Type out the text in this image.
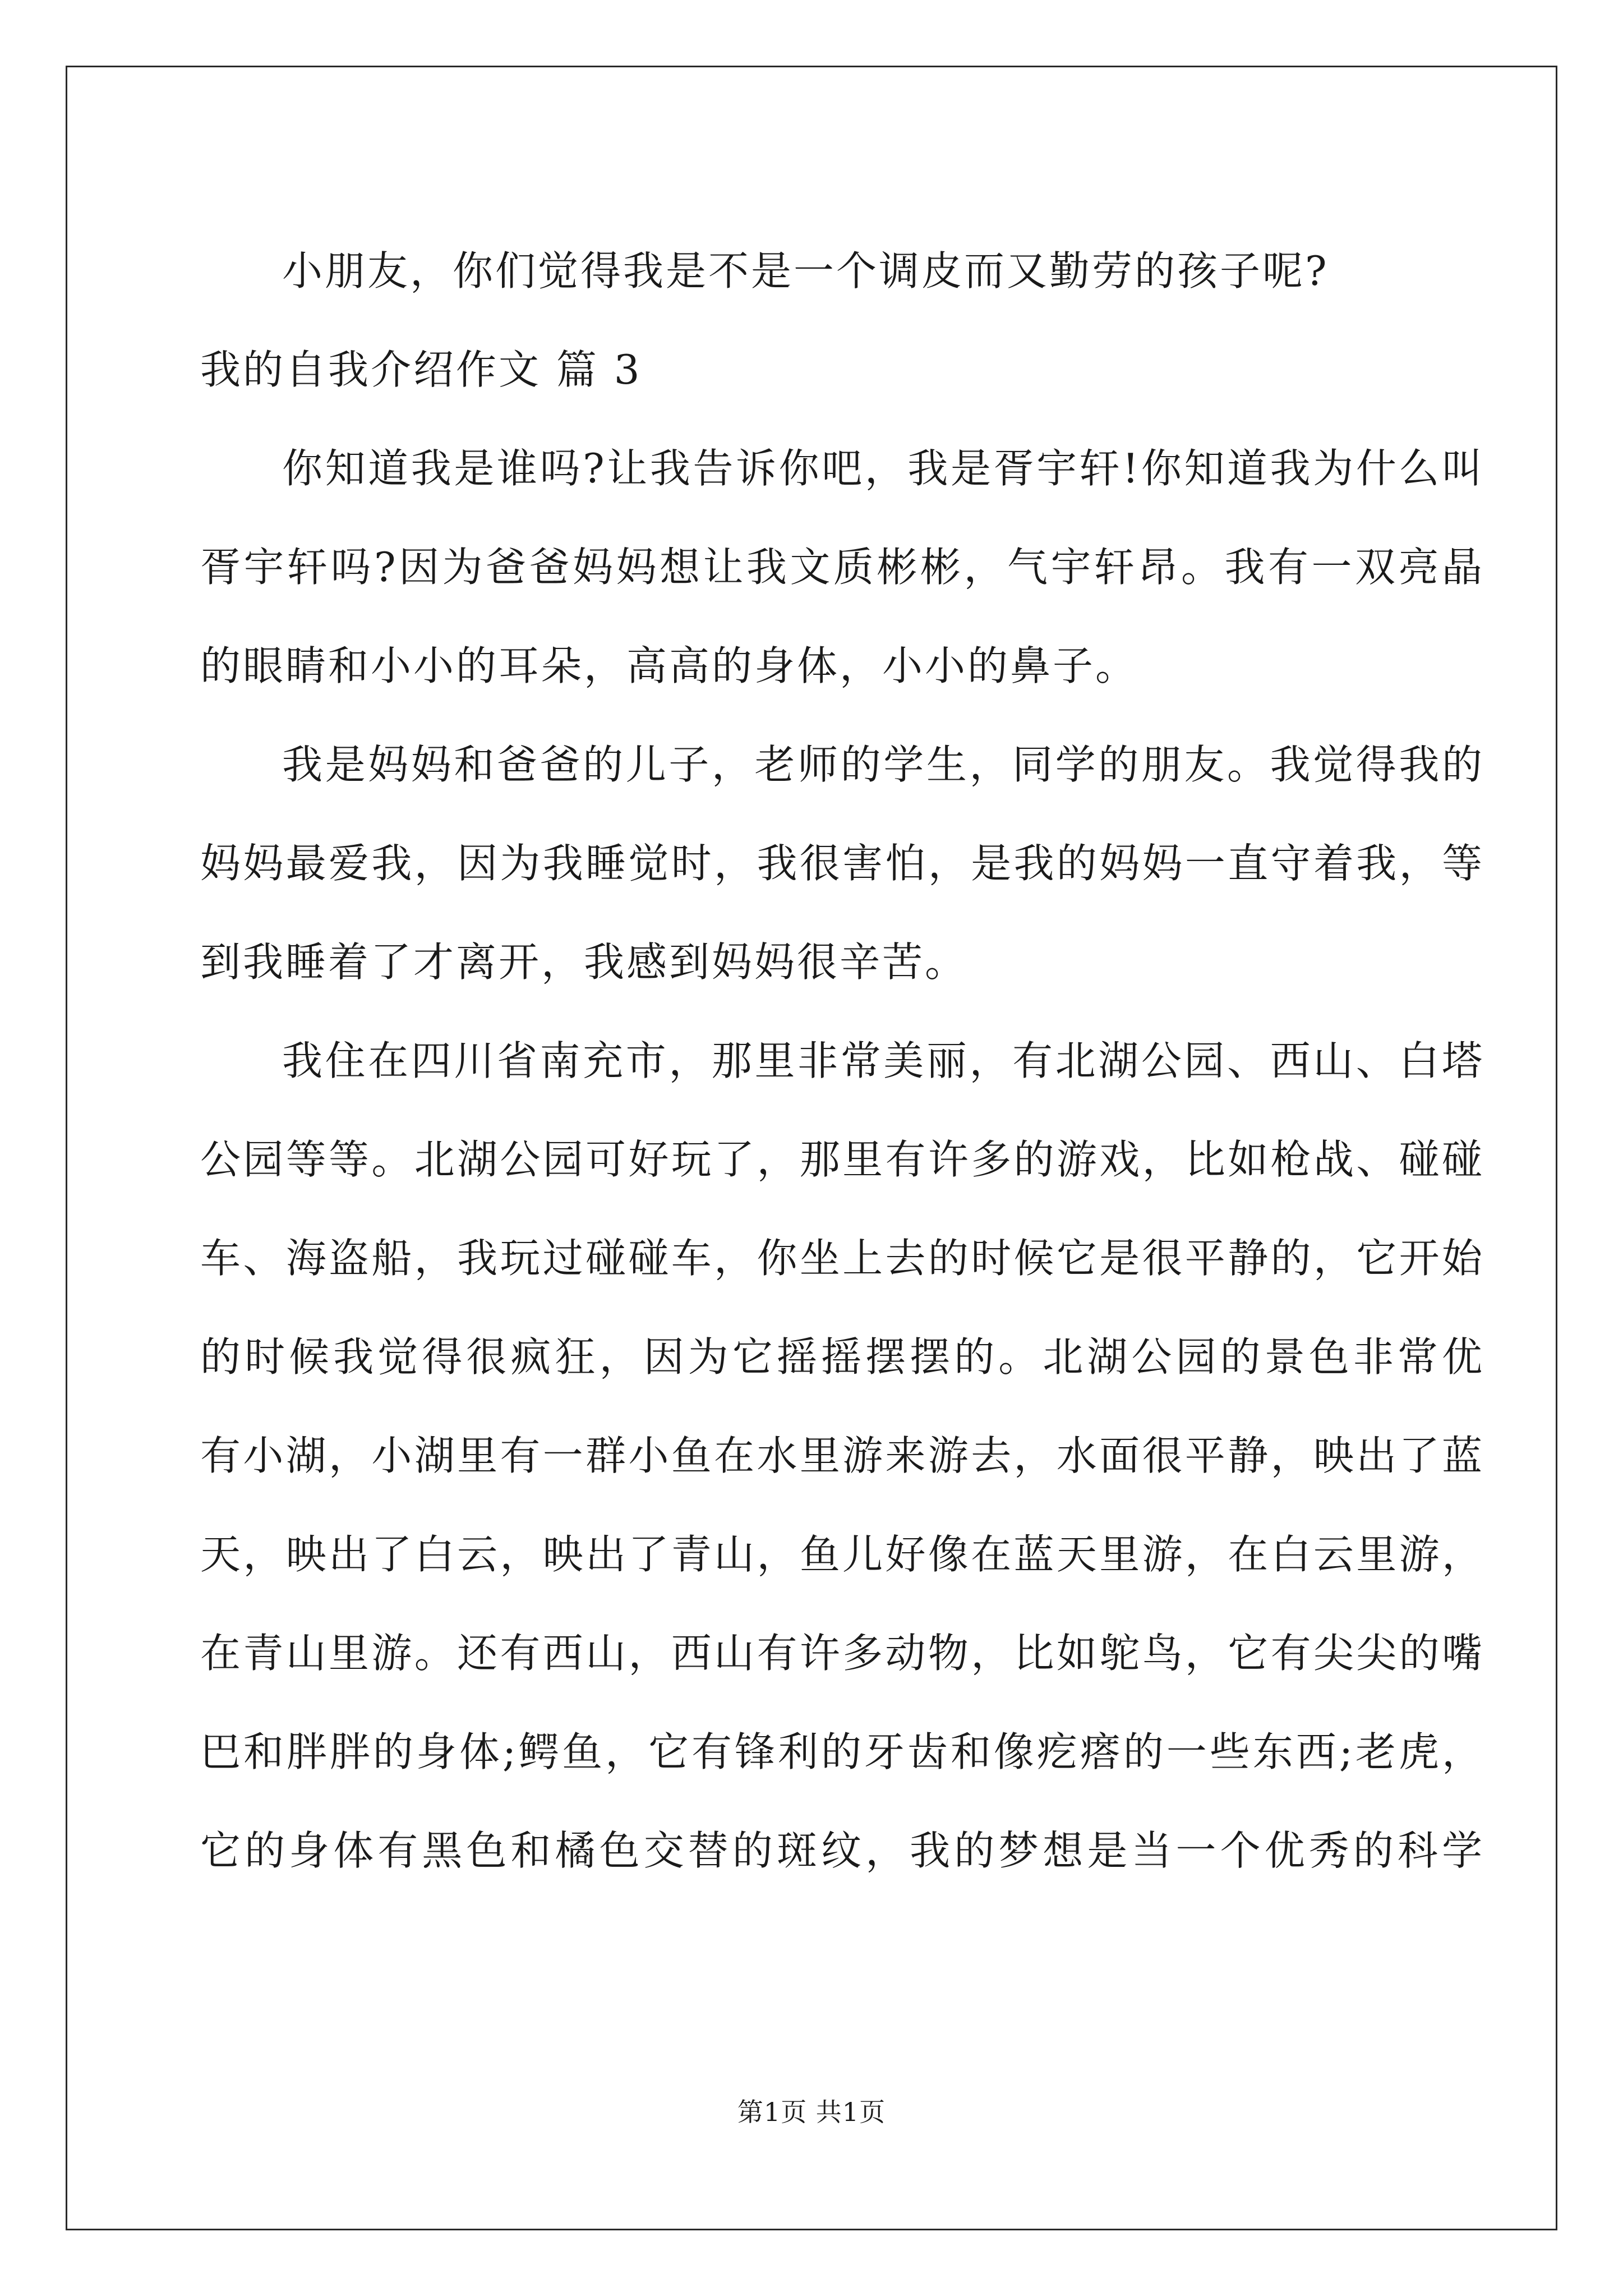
小朋友，你们觉得我是不是一个调皮而又勤劳的孩子呢?
我的自我介绍作文 篇 3
你知道我是谁吗?让我告诉你吧，我是胥宇轩!你知道我为什么叫
胥宇轩吗?因为爸爸妈妈想让我文质彬彬，气宇轩昂。我有一双亮晶
的眼睛和小小的耳朵，高高的身体，小小的鼻子。
我是妈妈和爸爸的儿子，老师的学生，同学的朋友。我觉得我的
妈妈最爱我，因为我睡觉时，我很害怕，是我的妈妈一直守着我，等
到我睡着了才离开，我感到妈妈很辛苦。
我住在四川省南充市，那里非常美丽，有北湖公园、西山、白塔
公园等等。北湖公园可好玩了，那里有许多的游戏，比如枪战、碰碰
车、海盗船，我玩过碰碰车，你坐上去的时候它是很平静的，它开始
的时候我觉得很疯狂，因为它摇摇摆摆的。北湖公园的景色非常优
有小湖，小湖里有一群小鱼在水里游来游去，水面很平静，映出了蓝
天，映出了白云，映出了青山，鱼儿好像在蓝天里游，在白云里游，
在青山里游。还有西山，西山有许多动物，比如鸵鸟，它有尖尖的嘴
巴和胖胖的身体;鳄鱼，它有锋利的牙齿和像疙瘩的一些东西;老虎，
它的身体有黑色和橘色交替的斑纹，我的梦想是当一个优秀的科学
第1页 共1页
